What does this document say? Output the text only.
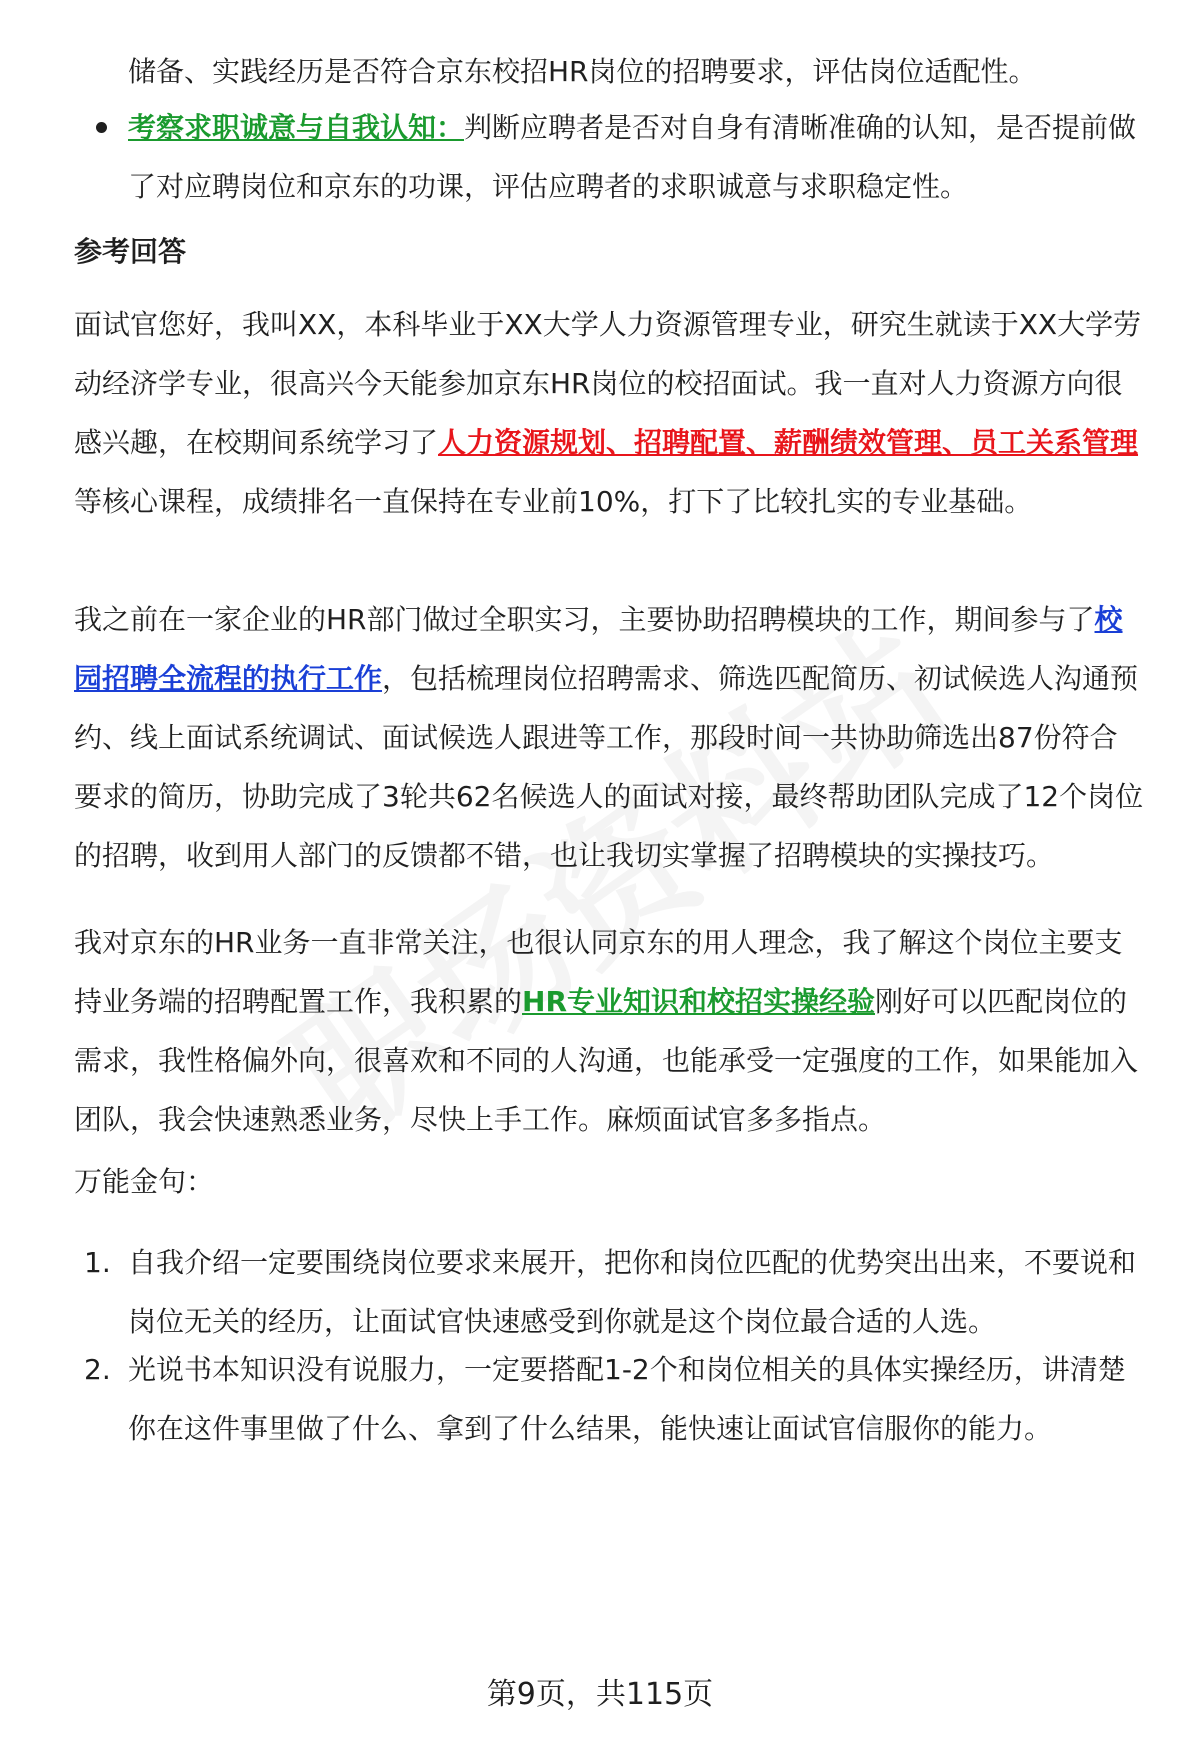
储备、实践经历是否符合京东校招HR岗位的招聘要求，评估岗位适配性。

考察求职诚意与自我认知：判断应聘者是否对自身有清晰准确的认知，是否提前做了对应聘岗位和京东的功课，评估应聘者的求职诚意与求职稳定性。

参考回答

面试官您好，我叫XX，本科毕业于XX大学人力资源管理专业，研究生就读于XX大学劳动经济学专业，很高兴今天能参加京东HR岗位的校招面试。我一直对人力资源方向很感兴趣，在校期间系统学习了人力资源规划、招聘配置、薪酬绩效管理、员工关系管理等核心课程，成绩排名一直保持在专业前10%，打下了比较扎实的专业基础。

我之前在一家企业的HR部门做过全职实习，主要协助招聘模块的工作，期间参与了校园招聘全流程的执行工作，包括梳理岗位招聘需求、筛选匹配简历、初试候选人沟通预约、线上面试系统调试、面试候选人跟进等工作，那段时间一共协助筛选出87份符合要求的简历，协助完成了3轮共62名候选人的面试对接，最终帮助团队完成了12个岗位的招聘，收到用人部门的反馈都不错，也让我切实掌握了招聘模块的实操技巧。

我对京东的HR业务一直非常关注，也很认同京东的用人理念，我了解这个岗位主要支持业务端的招聘配置工作，我积累的HR专业知识和校招实操经验刚好可以匹配岗位的需求，我性格偏外向，很喜欢和不同的人沟通，也能承受一定强度的工作，如果能加入团队，我会快速熟悉业务，尽快上手工作。麻烦面试官多多指点。

万能金句：

1. 自我介绍一定要围绕岗位要求来展开，把你和岗位匹配的优势突出出来，不要说和岗位无关的经历，让面试官快速感受到你就是这个岗位最合适的人选。

2. 光说书本知识没有说服力，一定要搭配1-2个和岗位相关的具体实操经历，讲清楚你在这件事里做了什么、拿到了什么结果，能快速让面试官信服你的能力。

第9页，共115页
